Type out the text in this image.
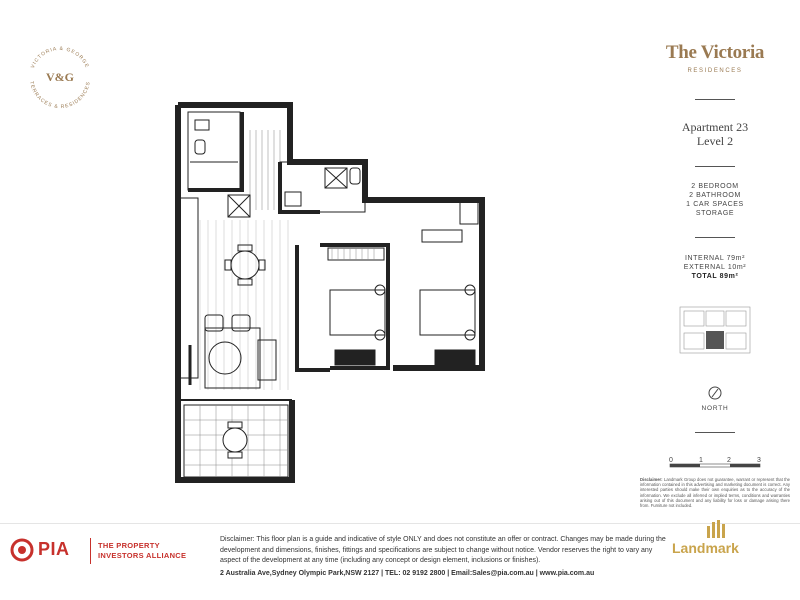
VICTORIA & GEORGE
TERRACES & RESIDENCES
V&G
The Victoria
RESIDENCES
Apartment 23
Level 2
2 BEDROOM
2 BATHROOM
1 CAR SPACES
STORAGE
INTERNAL 79m²
EXTERNAL 10m²
TOTAL 89m²
NORTH
0	1	2	3
Disclaimer: Landmark Group does not guarantee, warrant or represent that the information contained in this advertising and marketing document is correct. Any interested parties should make their own enquiries as to the accuracy of the information. We exclude all inferred or implied terms, conditions and warranties arising out of this document and any liability for loss or damage arising there from. Furniture not included.
PIA	THE PROPERTY
INVESTORS ALLIANCE
Disclaimer: This floor plan is a guide and indicative of style ONLY and does not constitute an offer or contract. Changes may be made during the development and dimensions, finishes, fittings and specifications are subject to change without notice. Vendor reserves the right to vary any aspect of the development at any time (including any concept or design element, inclusions or finishes).
2 Australia Ave,Sydney Olympic Park,NSW 2127 | TEL: 02 9192 2800 | Email:Sales@pia.com.au | www.pia.com.au
Landmark
